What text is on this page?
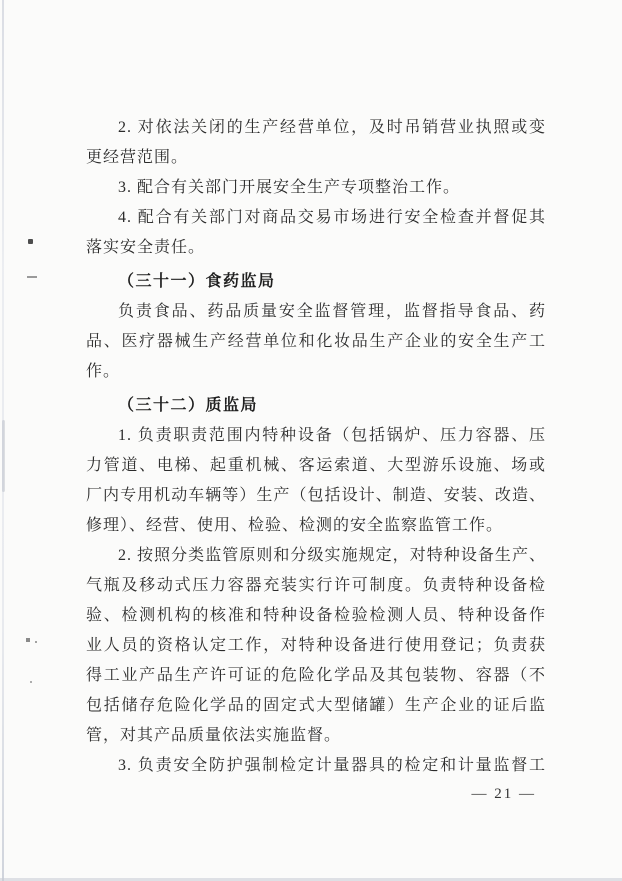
2. 对依法关闭的生产经营单位，及时吊销营业执照或变
更经营范围。
3. 配合有关部门开展安全生产专项整治工作。
4. 配合有关部门对商品交易市场进行安全检查并督促其
落实安全责任。
（三十一）食药监局
负责食品、药品质量安全监督管理，监督指导食品、药
品、医疗器械生产经营单位和化妆品生产企业的安全生产工
作。
（三十二）质监局
1. 负责职责范围内特种设备（包括锅炉、压力容器、压
力管道、电梯、起重机械、客运索道、大型游乐设施、场或
厂内专用机动车辆等）生产（包括设计、制造、安装、改造、
修理）、经营、使用、检验、检测的安全监察监管工作。
2. 按照分类监管原则和分级实施规定，对特种设备生产、
气瓶及移动式压力容器充装实行许可制度。负责特种设备检
验、检测机构的核准和特种设备检验检测人员、特种设备作
业人员的资格认定工作，对特种设备进行使用登记；负责获
得工业产品生产许可证的危险化学品及其包装物、容器（不
包括储存危险化学品的固定式大型储罐）生产企业的证后监
管，对其产品质量依法实施监督。
3. 负责安全防护强制检定计量器具的检定和计量监督工
— 21 —
